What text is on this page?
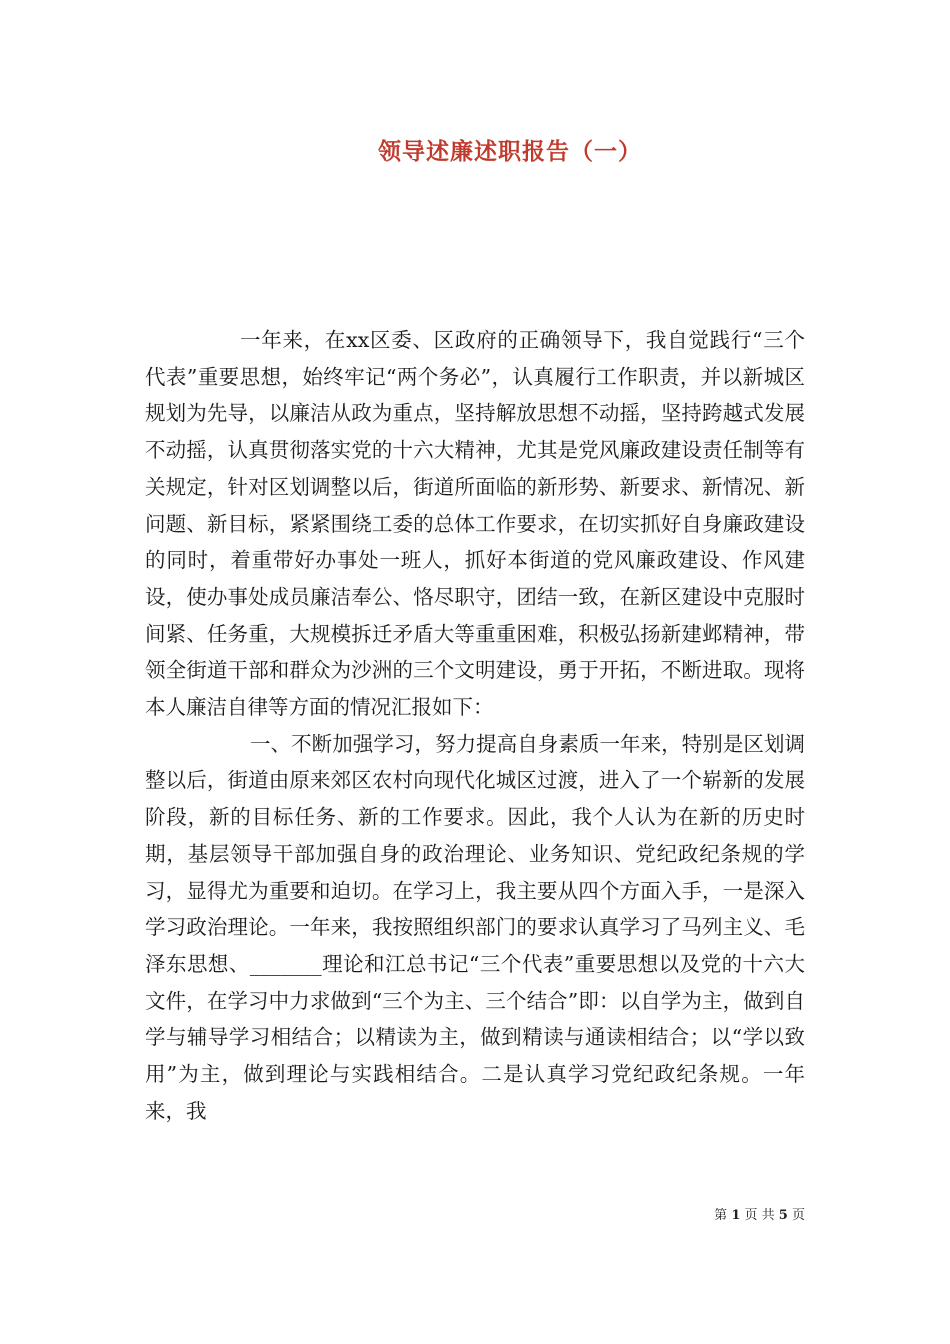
领导述廉述职报告（一）

一年来，在xx区委、区政府的正确领导下，我自觉践行“三个代表”重要思想，始终牢记“两个务必”，认真履行工作职责，并以新城区规划为先导，以廉洁从政为重点，坚持解放思想不动摇，坚持跨越式发展不动摇，认真贯彻落实党的十六大精神，尤其是党风廉政建设责任制等有关规定，针对区划调整以后，街道所面临的新形势、新要求、新情况、新问题、新目标，紧紧围绕工委的总体工作要求，在切实抓好自身廉政建设的同时，着重带好办事处一班人，抓好本街道的党风廉政建设、作风建设，使办事处成员廉洁奉公、恪尽职守，团结一致，在新区建设中克服时间紧、任务重，大规模拆迁矛盾大等重重困难，积极弘扬新建邺精神，带领全街道干部和群众为沙洲的三个文明建设，勇于开拓，不断进取。现将本人廉洁自律等方面的情况汇报如下：

一、不断加强学习，努力提高自身素质一年来，特别是区划调整以后，街道由原来郊区农村向现代化城区过渡，进入了一个崭新的发展阶段，新的目标任务、新的工作要求。因此，我个人认为在新的历史时期，基层领导干部加强自身的政治理论、业务知识、党纪政纪条规的学习，显得尤为重要和迫切。在学习上，我主要从四个方面入手，一是深入学习政治理论。一年来，我按照组织部门的要求认真学习了马列主义、毛泽东思想、_______理论和江总书记“三个代表”重要思想以及党的十六大文件，在学习中力求做到“三个为主、三个结合”即：以自学为主，做到自学与辅导学习相结合；以精读为主，做到精读与通读相结合；以“学以致用”为主，做到理论与实践相结合。二是认真学习党纪政纪条规。一年来，我

第 1 页 共 5 页
